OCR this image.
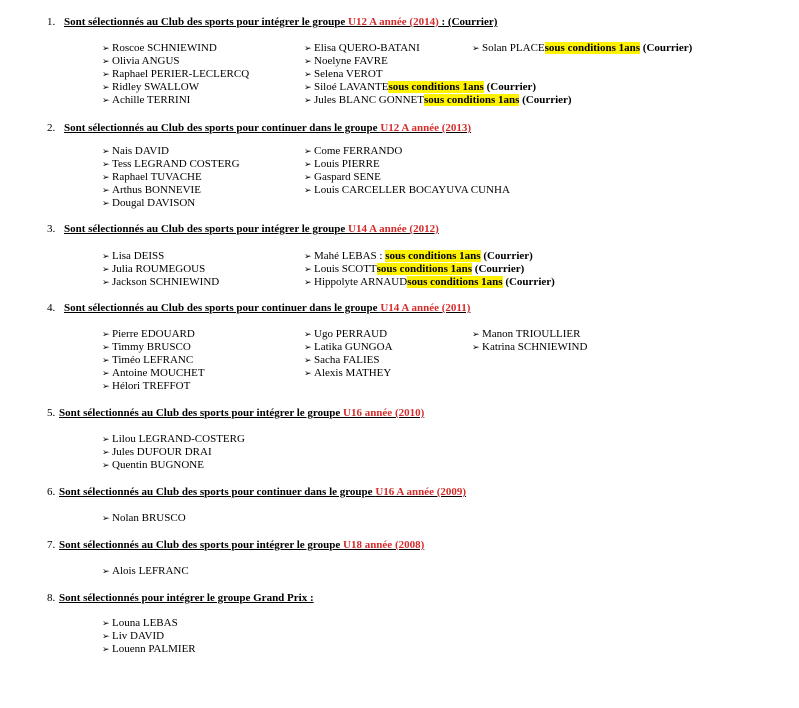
1. Sont sélectionnés au Club des sports pour intégrer le groupe U12 A année (2014) : (Courrier)
➢ Roscoe SCHNIEWIND
➢ Olivia ANGUS
➢ Raphael PERIER-LECLERCQ
➢ Ridley SWALLOW
➢ Achille TERRINI
➢ Elisa QUERO-BATANI
➢ Noelyne FAVRE
➢ Selena VEROT
➢ Siloé LAVANTEsous conditions 1ans (Courrier)
➢ Jules BLANC GONNETsous conditions 1ans (Courrier)
➢ Solan PLACEsous conditions 1ans (Courrier)
2. Sont sélectionnés au Club des sports pour continuer dans le groupe U12 A année (2013)
➢ Nais DAVID
➢ Tess LEGRAND COSTERG
➢ Raphael TUVACHE
➢ Arthus BONNEVIE
➢ Dougal DAVISON
➢ Come FERRANDO
➢ Louis PIERRE
➢ Gaspard SENE
➢ Louis CARCELLER BOCAYUVA CUNHA
3. Sont sélectionnés au Club des sports pour intégrer le groupe U14 A année (2012)
➢ Lisa DEISS
➢ Julia ROUMEGOUS
➢ Jackson SCHNIEWIND
➢ Mahé LEBAS : sous conditions 1ans (Courrier)
➢ Louis SCOTTsous conditions 1ans (Courrier)
➢ Hippolyte ARNAUDsous conditions 1ans (Courrier)
4. Sont sélectionnés au Club des sports pour continuer dans le groupe U14 A année (2011)
➢ Pierre EDOUARD
➢ Timmy BRUSCO
➢ Timéo LEFRANC
➢ Antoine MOUCHET
➢ Hélori TREFFOT
➢ Ugo PERRAUD
➢ Latika GUNGOA
➢ Sacha FALIES
➢ Alexis MATHEY
➢ Manon TRIOULLIER
➢ Katrina SCHNIEWIND
5. Sont sélectionnés au Club des sports pour intégrer le groupe U16 année (2010)
➢ Lilou LEGRAND-COSTERG
➢ Jules DUFOUR DRAI
➢ Quentin BUGNONE
6. Sont sélectionnés au Club des sports pour continuer dans le groupe U16 A année (2009)
➢ Nolan BRUSCO
7. Sont sélectionnés au Club des sports pour intégrer le groupe U18 année (2008)
➢ Alois LEFRANC
8. Sont sélectionnés pour intégrer le groupe Grand Prix :
➢ Louna LEBAS
➢ Liv DAVID
➢ Louenn PALMIER
